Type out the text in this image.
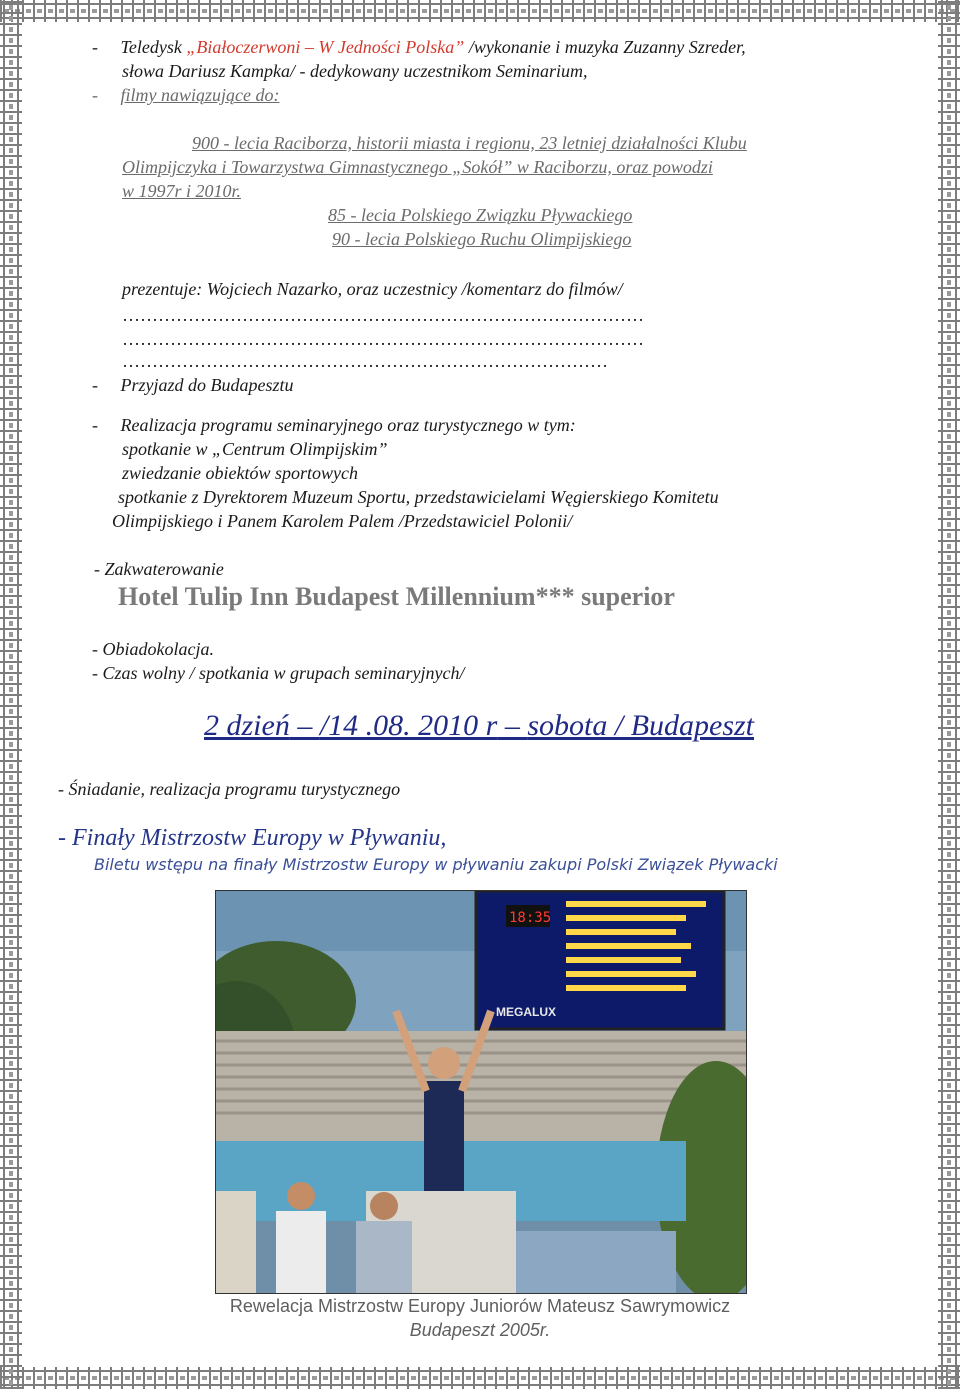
- Teledysk „Białoczerwoni – W Jedności Polska” /wykonanie i muzyka Zuzanny Szreder,
słowa Dariusz Kampka/ - dedykowany uczestnikom Seminarium,
- filmy nawiązujące do:
900 - lecia Raciborza, historii miasta i regionu, 23 letniej działalności Klubu
Olimpijczyka i Towarzystwa Gimnastycznego „Sokół” w Raciborzu, oraz powodzi
w 1997r i 2010r.
85 - lecia Polskiego Związku Pływackiego
90 - lecia Polskiego Ruchu Olimpijskiego
prezentuje: Wojciech Nazarko, oraz uczestnicy /komentarz do filmów/
……………………………………………………………………………
……………………………………………………………………………
………………………………………………………………………
- Przyjazd do Budapesztu
- Realizacja programu seminaryjnego oraz turystycznego w tym:
spotkanie w „Centrum Olimpijskim”
zwiedzanie obiektów sportowych
spotkanie z Dyrektorem Muzeum Sportu, przedstawicielami Węgierskiego Komitetu
Olimpijskiego i Panem Karolem Palem /Przedstawiciel Polonii/
- Zakwaterowanie
Hotel Tulip Inn Budapest Millennium*** superior
- Obiadokolacja.
- Czas wolny / spotkania w grupach seminaryjnych/
2 dzień – /14 .08. 2010 r – sobota / Budapeszt
- Śniadanie, realizacja programu turystycznego
- Finały Mistrzostw Europy w Pływaniu,
Biletu wstępu na finały Mistrzostw Europy w pływaniu zakupi Polski Związek Pływacki
18:35
MEGALUX
Rewelacja Mistrzostw Europy Juniorów Mateusz Sawrymowicz
Budapeszt 2005r.
